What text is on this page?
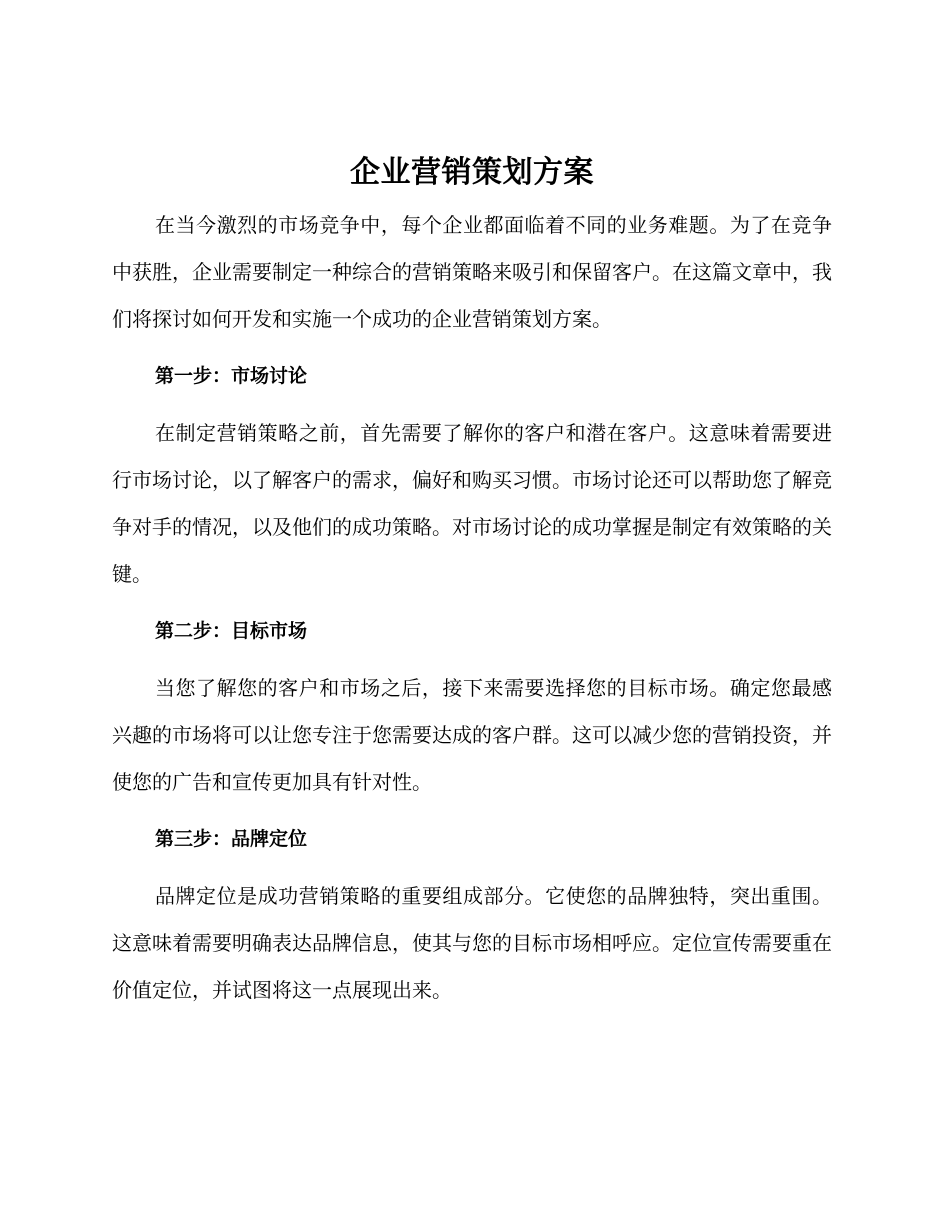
企业营销策划方案

在当今激烈的市场竞争中，每个企业都面临着不同的业务难题。为了在竞争中获胜，企业需要制定一种综合的营销策略来吸引和保留客户。在这篇文章中，我们将探讨如何开发和实施一个成功的企业营销策划方案。

第一步：市场讨论

在制定营销策略之前，首先需要了解你的客户和潜在客户。这意味着需要进行市场讨论，以了解客户的需求，偏好和购买习惯。市场讨论还可以帮助您了解竞争对手的情况，以及他们的成功策略。对市场讨论的成功掌握是制定有效策略的关键。

第二步：目标市场

当您了解您的客户和市场之后，接下来需要选择您的目标市场。确定您最感兴趣的市场将可以让您专注于您需要达成的客户群。这可以减少您的营销投资，并使您的广告和宣传更加具有针对性。

第三步：品牌定位

品牌定位是成功营销策略的重要组成部分。它使您的品牌独特，突出重围。这意味着需要明确表达品牌信息，使其与您的目标市场相呼应。定位宣传需要重在价值定位，并试图将这一点展现出来。
